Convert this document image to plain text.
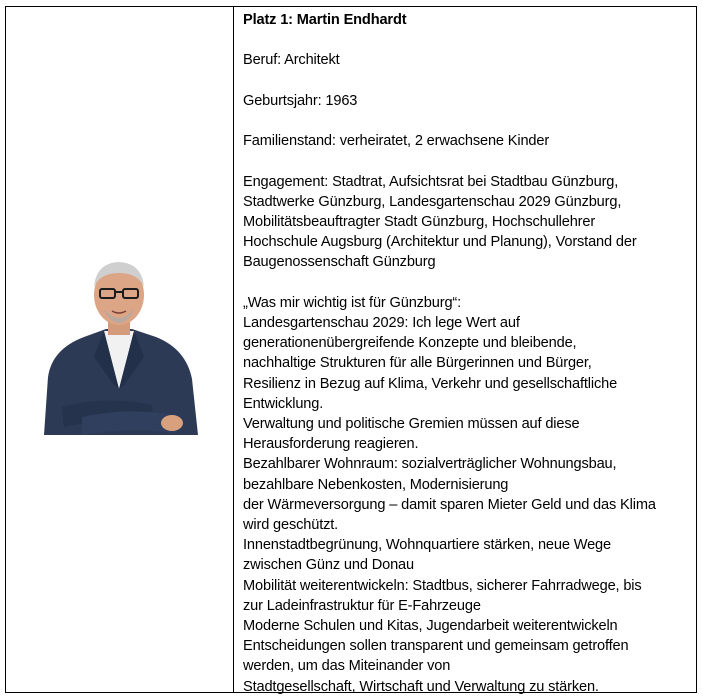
Platz 1: Martin Endhardt

Beruf: Architekt

Geburtsjahr: 1963

Familienstand: verheiratet, 2 erwachsene Kinder

Engagement: Stadtrat, Aufsichtsrat bei Stadtbau Günzburg,

Stadtwerke Günzburg, Landesgartenschau 2029 Günzburg,

Mobilitätsbeauftragter Stadt Günzburg, Hochschullehrer

Hochschule Augsburg (Architektur und Planung), Vorstand der

Baugenossenschaft Günzburg

„Was mir wichtig ist für Günzburg“:

Landesgartenschau 2029: Ich lege Wert auf

generationenübergreifende Konzepte und bleibende,

nachhaltige Strukturen für alle Bürgerinnen und Bürger,

Resilienz in Bezug auf Klima, Verkehr und gesellschaftliche

Entwicklung.

Verwaltung und politische Gremien müssen auf diese

Herausforderung reagieren.

Bezahlbarer Wohnraum: sozialverträglicher Wohnungsbau,

bezahlbare Nebenkosten, Modernisierung

der Wärmeversorgung – damit sparen Mieter Geld und das Klima

wird geschützt.

Innenstadtbegrünung, Wohnquartiere stärken, neue Wege

zwischen Günz und Donau

Mobilität weiterentwickeln: Stadtbus, sicherer Fahrradwege, bis

zur Ladeinfrastruktur für E-Fahrzeuge

Moderne Schulen und Kitas, Jugendarbeit weiterentwickeln

Entscheidungen sollen transparent und gemeinsam getroffen

werden, um das Miteinander von

Stadtgesellschaft, Wirtschaft und Verwaltung zu stärken.
